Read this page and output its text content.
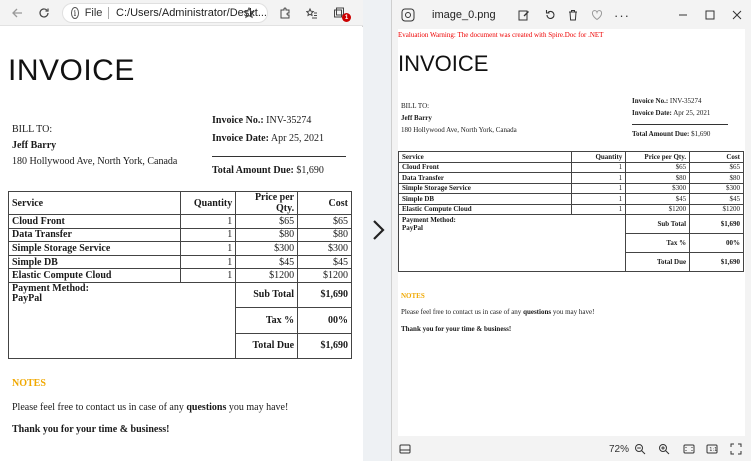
i File C:/Users/Administrator/Deskt...	1
INVOICE
BILL TO:
Jeff Barry
180 Hollywood Ave, North York, Canada
Invoice No.: INV-35274
Invoice Date: Apr 25, 2021
Total Amount Due: $1,690
Service	Quantity	Price per Qty.	Cost
Cloud Front	1	$65	$65
Data Transfer	1	$80	$80
Simple Storage Service	1	$300	$300
Simple DB	1	$45	$45
Elastic Compute Cloud	1	$1200	$1200

Payment Method:
PayPal		Sub Total	$1,690
		Tax %	00%
		Total Due	$1,690
NOTES
Please feel free to contact us in case of any questions you may have!
Thank you for your time & business!
image_0.png	···
Evaluation Warning: The document was created with Spire.Doc for .NET
INVOICE
BILL TO:
Jeff Barry
180 Hollywood Ave, North York, Canada
Invoice No.: INV-35274
Invoice Date: Apr 25, 2021
Total Amount Due: $1,690
Service	Quantity	Price per Qty.	Cost
Cloud Front	1	$65	$65
Data Transfer	1	$80	$80
Simple Storage Service	1	$300	$300
Simple DB	1	$45	$45
Elastic Compute Cloud	1	$1200	$1200

Payment Method:
PayPal		Sub Total	$1,690
		Tax %	00%
		Total Due	$1,690
NOTES
Please feel free to contact us in case of any questions you may have!
Thank you for your time & business!
72%	1:1
